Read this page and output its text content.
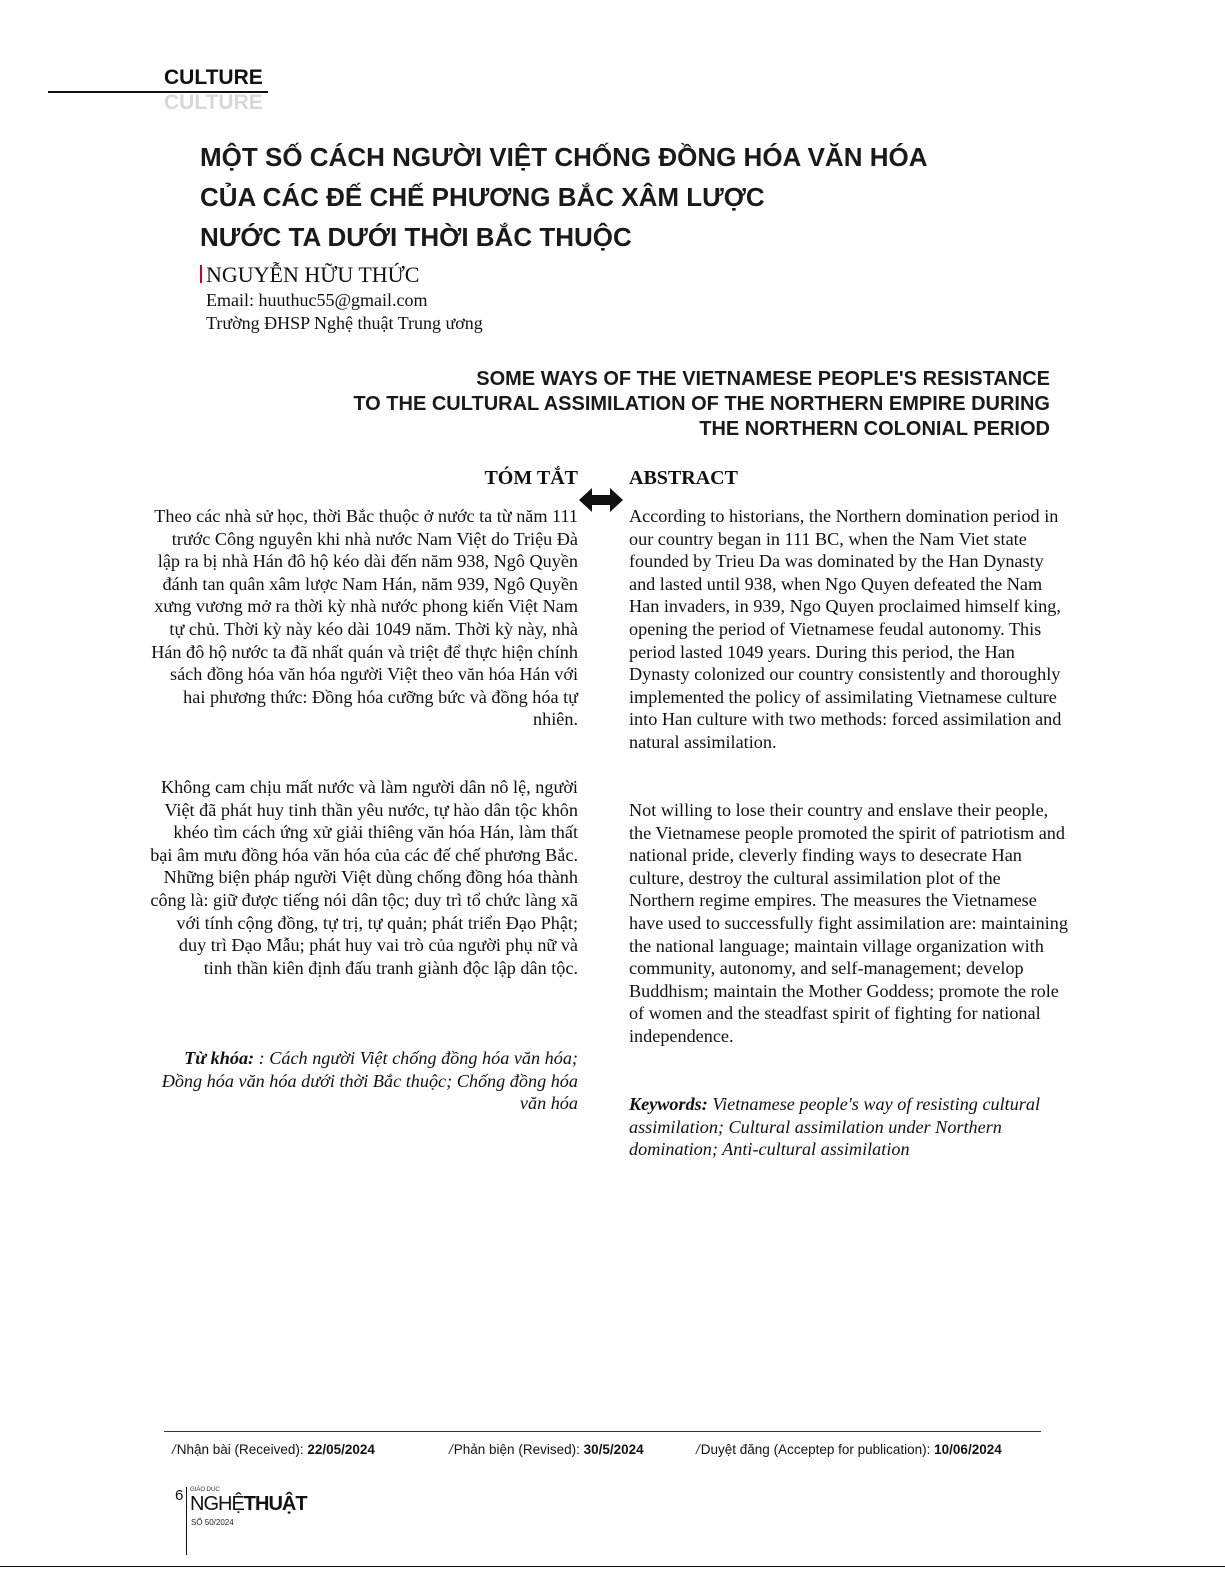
CULTURE
CULTURE
MỘT SỐ CÁCH NGƯỜI VIỆT CHỐNG ĐỒNG HÓA VĂN HÓA
CỦA CÁC ĐẾ CHẾ PHƯƠNG BẮC XÂM LƯỢC
NƯỚC TA DƯỚI THỜI BẮC THUỘC
NGUYỄN HỮU THỨC
Email: huuthuc55@gmail.com
Trường ĐHSP Nghệ thuật Trung ương
SOME WAYS OF THE VIETNAMESE PEOPLE'S RESISTANCE
TO THE CULTURAL ASSIMILATION OF THE NORTHERN EMPIRE DURING
THE NORTHERN COLONIAL PERIOD
TÓM TẮT	ABSTRACT

Theo các nhà sử học, thời Bắc thuộc ở nước ta từ năm 111 trước Công nguyên khi nhà nước Nam Việt do Triệu Đà lập ra bị nhà Hán đô hộ kéo dài đến năm 938, Ngô Quyền đánh tan quân xâm lược Nam Hán, năm 939, Ngô Quyền xưng vương mở ra thời kỳ nhà nước phong kiến Việt Nam tự chủ. Thời kỳ này kéo dài 1049 năm. Thời kỳ này, nhà Hán đô hộ nước ta đã nhất quán và triệt để thực hiện chính sách đồng hóa văn hóa người Việt theo văn hóa Hán với hai phương thức: Đồng hóa cưỡng bức và đồng hóa tự nhiên.

Không cam chịu mất nước và làm người dân nô lệ, người Việt đã phát huy tinh thần yêu nước, tự hào dân tộc khôn khéo tìm cách ứng xử giải thiêng văn hóa Hán, làm thất bại âm mưu đồng hóa văn hóa của các đế chế phương Bắc. Những biện pháp người Việt dùng chống đồng hóa thành công là: giữ được tiếng nói dân tộc; duy trì tổ chức làng xã với tính cộng đồng, tự trị, tự quản; phát triển Đạo Phật; duy trì Đạo Mẫu; phát huy vai trò của người phụ nữ và tinh thần kiên định đấu tranh giành độc lập dân tộc.

Từ khóa: : Cách người Việt chống đồng hóa văn hóa; Đồng hóa văn hóa dưới thời Bắc thuộc; Chống đồng hóa văn hóa

According to historians, the Northern domination period in our country began in 111 BC, when the Nam Viet state founded by Trieu Da was dominated by the Han Dynasty and lasted until 938, when Ngo Quyen defeated the Nam Han invaders, in 939, Ngo Quyen proclaimed himself king, opening the period of Vietnamese feudal autonomy. This period lasted 1049 years. During this period, the Han Dynasty colonized our country consistently and thoroughly implemented the policy of assimilating Vietnamese culture into Han culture with two methods: forced assimilation and natural assimilation.

Not willing to lose their country and enslave their people, the Vietnamese people promoted the spirit of patriotism and national pride, cleverly finding ways to desecrate Han culture, destroy the cultural assimilation plot of the Northern regime empires. The measures the Vietnamese have used to successfully fight assimilation are: maintaining the national language; maintain village organization with community, autonomy, and self-management; develop Buddhism; maintain the Mother Goddess; promote the role of women and the steadfast spirit of fighting for national independence.

Keywords: Vietnamese people's way of resisting cultural assimilation; Cultural assimilation under Northern domination; Anti-cultural assimilation

/Nhận bài (Received): 22/05/2024	/Phản biện (Revised): 30/5/2024	/Duyệt đăng (Acceptep for publication): 10/06/2024
6 GIÁO DỤC
NGHỆTHUẬT
SỐ 50/2024
